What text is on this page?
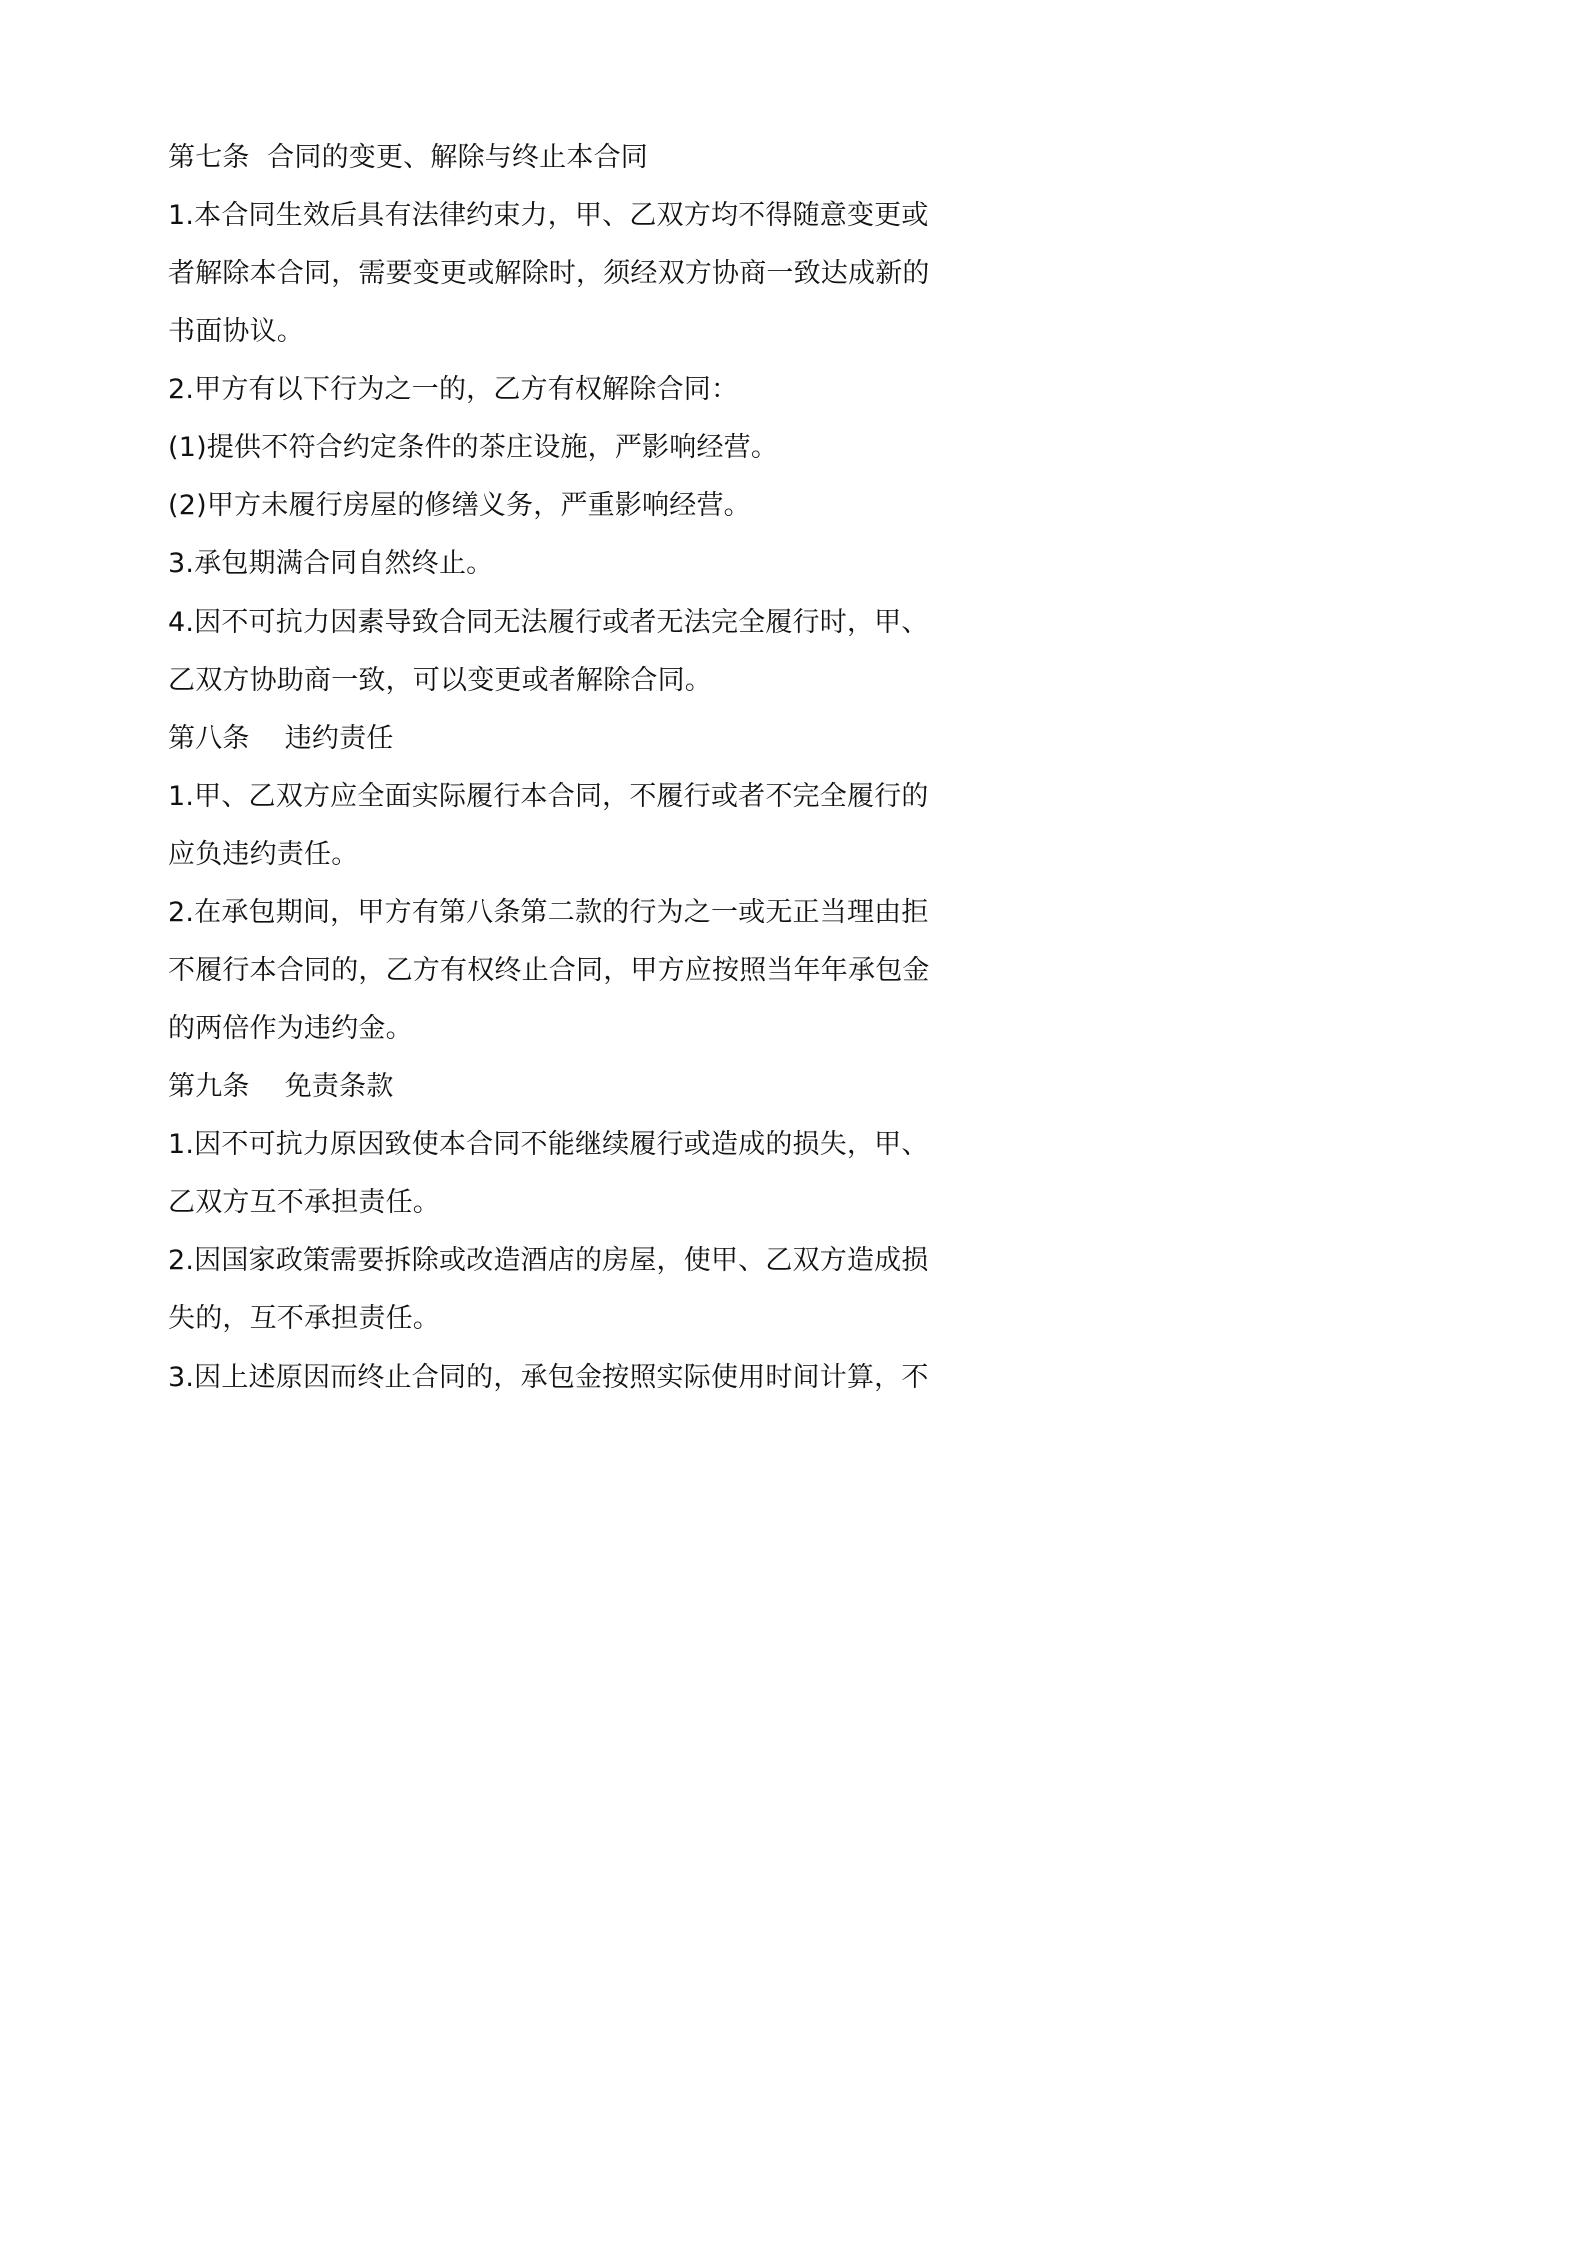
第七条  合同的变更、解除与终止本合同
1.本合同生效后具有法律约束力，甲、乙双方均不得随意变更或
者解除本合同，需要变更或解除时，须经双方协商一致达成新的
书面协议。
2.甲方有以下行为之一的，乙方有权解除合同：
(1)提供不符合约定条件的茶庄设施，严影响经营。
(2)甲方未履行房屋的修缮义务，严重影响经营。
3.承包期满合同自然终止。
4.因不可抗力因素导致合同无法履行或者无法完全履行时，甲、
乙双方协助商一致，可以变更或者解除合同。
第八条    违约责任
1.甲、乙双方应全面实际履行本合同，不履行或者不完全履行的
应负违约责任。
2.在承包期间，甲方有第八条第二款的行为之一或无正当理由拒
不履行本合同的，乙方有权终止合同，甲方应按照当年年承包金
的两倍作为违约金。
第九条    免责条款
1.因不可抗力原因致使本合同不能继续履行或造成的损失，甲、
乙双方互不承担责任。
2.因国家政策需要拆除或改造酒店的房屋，使甲、乙双方造成损
失的，互不承担责任。
3.因上述原因而终止合同的，承包金按照实际使用时间计算，不
